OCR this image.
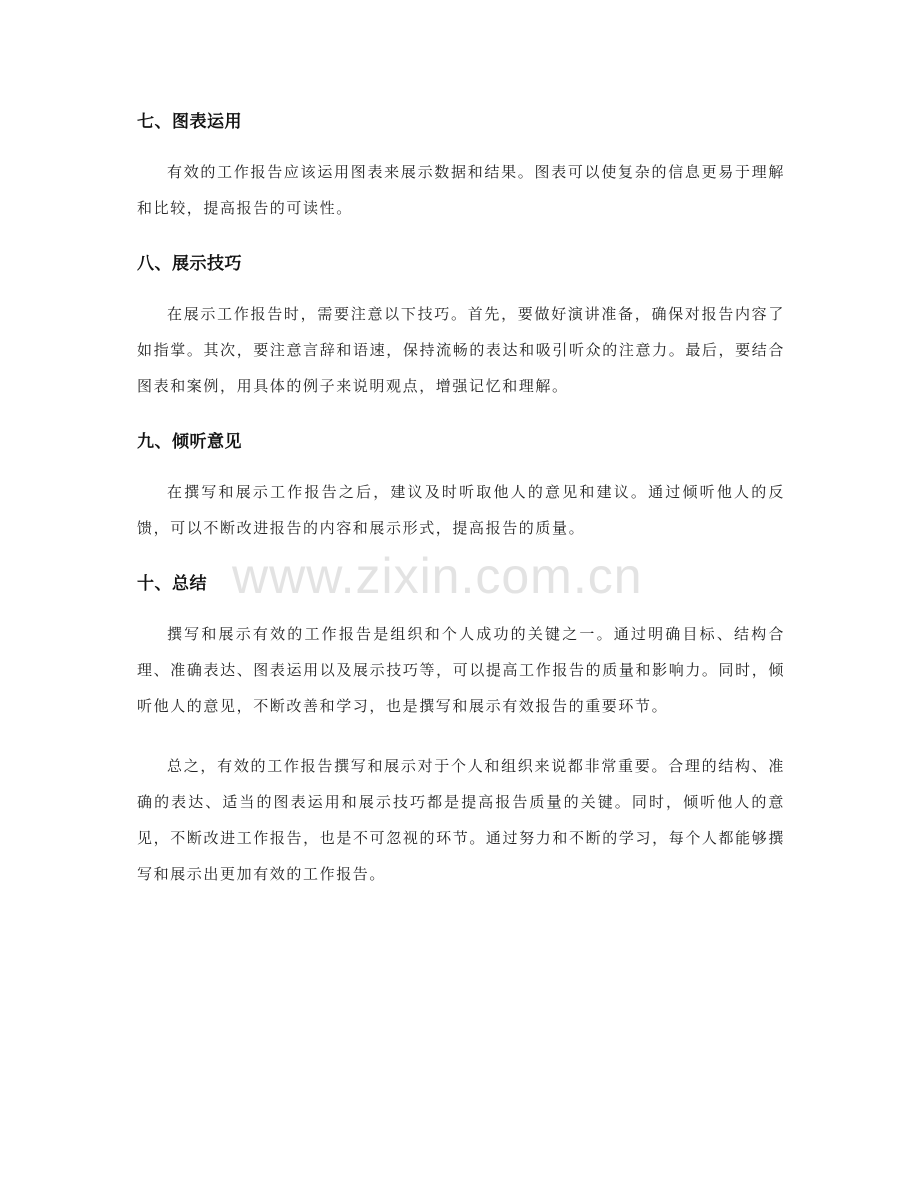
七、图表运用

有效的工作报告应该运用图表来展示数据和结果。图表可以使复杂的信息更易于理解和比较，提高报告的可读性。

八、展示技巧

在展示工作报告时，需要注意以下技巧。首先，要做好演讲准备，确保对报告内容了如指掌。其次，要注意言辞和语速，保持流畅的表达和吸引听众的注意力。最后，要结合图表和案例，用具体的例子来说明观点，增强记忆和理解。

九、倾听意见

在撰写和展示工作报告之后，建议及时听取他人的意见和建议。通过倾听他人的反馈，可以不断改进报告的内容和展示形式，提高报告的质量。

十、总结

撰写和展示有效的工作报告是组织和个人成功的关键之一。通过明确目标、结构合理、准确表达、图表运用以及展示技巧等，可以提高工作报告的质量和影响力。同时，倾听他人的意见，不断改善和学习，也是撰写和展示有效报告的重要环节。

总之，有效的工作报告撰写和展示对于个人和组织来说都非常重要。合理的结构、准确的表达、适当的图表运用和展示技巧都是提高报告质量的关键。同时，倾听他人的意见，不断改进工作报告，也是不可忽视的环节。通过努力和不断的学习，每个人都能够撰写和展示出更加有效的工作报告。

www.zixin.com.cn
